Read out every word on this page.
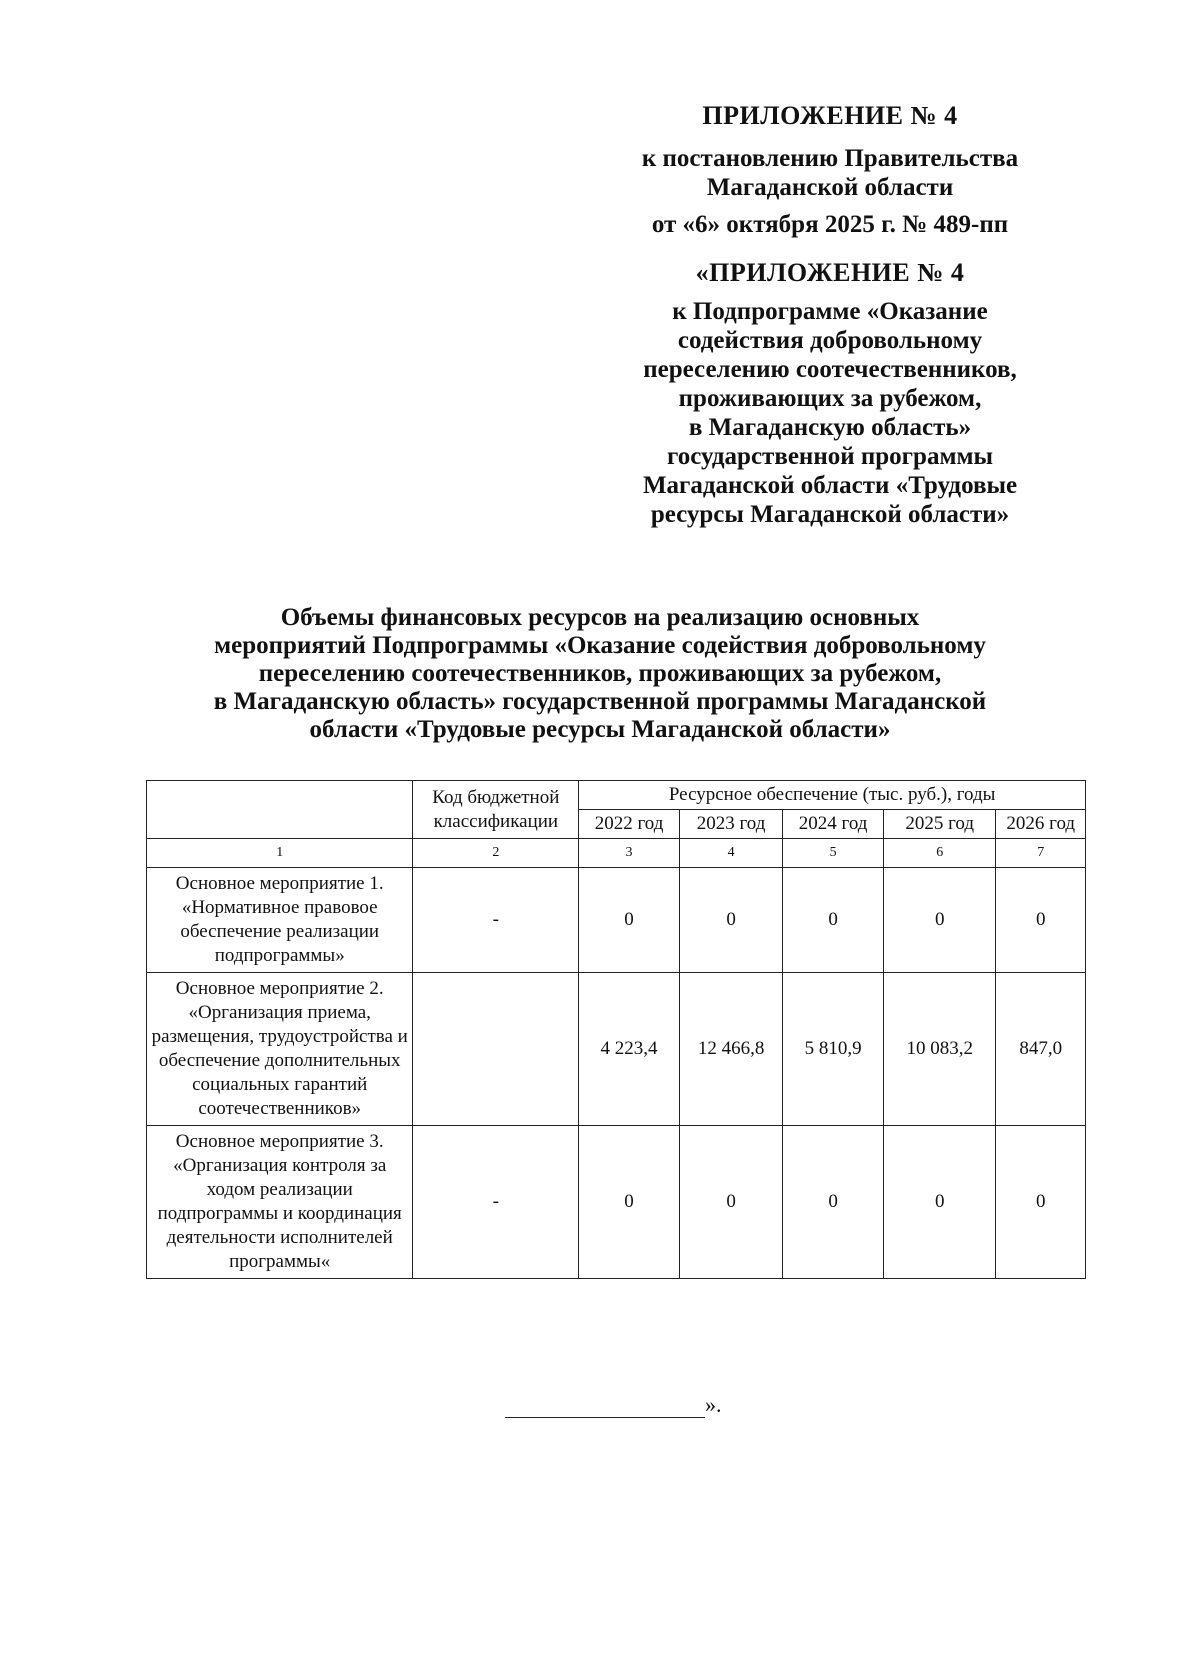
ПРИЛОЖЕНИЕ № 4

к постановлению Правительства

Магаданской области

от «6» октября 2025 г. № 489-пп

«ПРИЛОЖЕНИЕ № 4

к Подпрограмме «Оказание

содействия добровольному

переселению соотечественников,

проживающих за рубежом,

в Магаданскую область»

государственной программы

Магаданской области «Трудовые

ресурсы Магаданской области»

Объемы финансовых ресурсов на реализацию основных

мероприятий Подпрограммы «Оказание содействия добровольному

переселению соотечественников, проживающих за рубежом,

в Магаданскую область» государственной программы Магаданской

области «Трудовые ресурсы Магаданской области»

	Код бюджетной классификации	Ресурсное обеспечение (тыс. руб.), годы				
		2022 год	2023 год	2024 год	2025 год	2026 год
1	2	3	4	5	6	7
Основное мероприятие 1. «Нормативное правовое обеспечение реализации подпрограммы»	-	0	0	0	0	0
Основное мероприятие 2. «Организация приема, размещения, трудоустройства и обеспечение дополнительных социальных гарантий соотечественников»		4 223,4	12 466,8	5 810,9	10 083,2	847,0
Основное мероприятие 3. «Организация контроля за ходом реализации подпрограммы и координация деятельности исполнителей программы«	-	0	0	0	0	0
».
